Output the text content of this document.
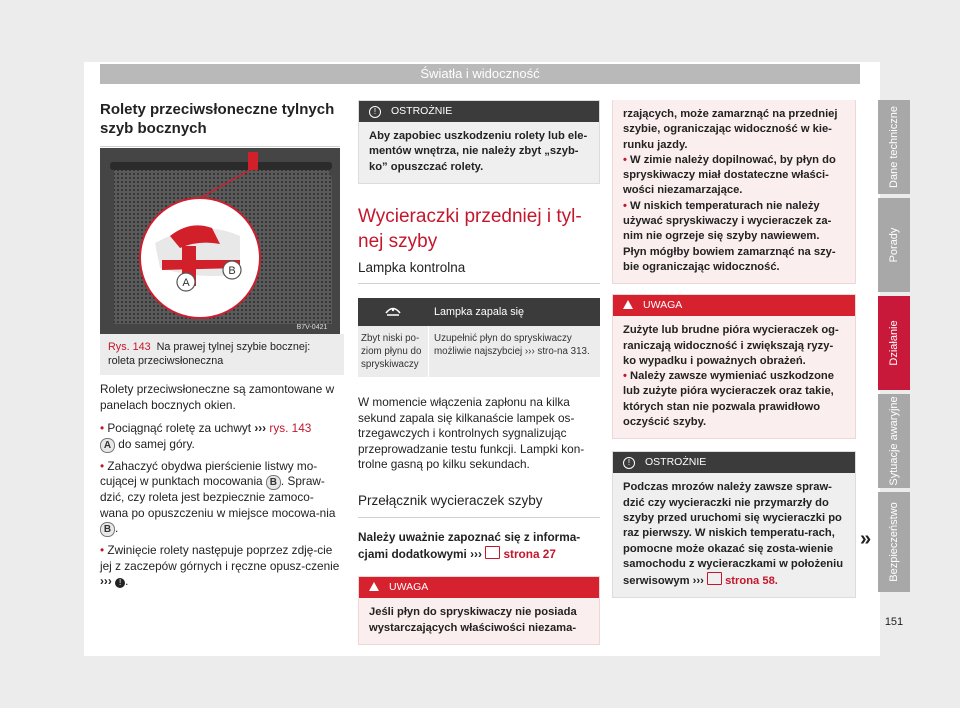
Światła i widoczność
Rolety przeciwsłoneczne tylnych szyb bocznych
A
B
B7V-0421
Rys. 143 Na prawej tylnej szybie bocznej: roleta przeciwsłoneczna

Rolety przeciwsłoneczne są zamontowane w panelach bocznych okien.

• Pociągnąć roletę za uchwyt ››› rys. 143
A do samej góry.
• Zahaczyć obydwa pierścienie listwy mo-cującej w punktach mocowania B . Spraw-dzić, czy roleta jest bezpiecznie zamoco-wana po opuszczeniu w miejsce mocowa-nia B .
• Zwinięcie rolety następuje poprzez zdję-cie jej z zaczepów górnych i ręczne opusz-czenie ››› ! .
! OSTROŻNIE
Aby zapobiec uszkodzeniu rolety lub ele-mentów wnętrza, nie należy zbyt „szyb-ko” opuszczać rolety.
Wycieraczki przedniej i tyl-nej szyby
Lampka kontrolna
Lampka zapala się
Zbyt niski po-ziom płynu do spryskiwaczy
Uzupełnić płyn do spryskiwaczy możliwie najszybciej ››› stro-na 313.

W momencie włączenia zapłonu na kilka sekund zapala się kilkanaście lampek os-trzegawczych i kontrolnych sygnalizując przeprowadzanie testu funkcji. Lampki kon-trolne gasną po kilku sekundach.

Przełącznik wycieraczek szyby
Należy uważnie zapoznać się z informa-cjami dodatkowymi ››› strona 27
UWAGA
Jeśli płyn do spryskiwaczy nie posiada wystarczających właściwości niezama-
rzających, może zamarznąć na przedniej szybie, ograniczając widoczność w kie-runku jazdy.
• W zimie należy dopilnować, by płyn do spryskiwaczy miał dostateczne właści-wości niezamarzające.
• W niskich temperaturach nie należy używać spryskiwaczy i wycieraczek za-nim nie ogrzeje się szyby nawiewem. Płyn mógłby bowiem zamarznąć na szy-bie ograniczając widoczność.
UWAGA
Zużyte lub brudne pióra wycieraczek og-raniczają widoczność i zwiększają ryzy-ko wypadku i poważnych obrażeń.
• Należy zawsze wymieniać uszkodzone lub zużyte pióra wycieraczek oraz takie, których stan nie pozwala prawidłowo oczyścić szyby.
! OSTROŻNIE
Podczas mrozów należy zawsze spraw-dzić czy wycieraczki nie przymarzły do szyby przed uruchomi się wycieraczki po raz pierwszy. W niskich temperatu-rach, pomocne może okazać się zosta-wienie samochodu z wycieraczkami w położeniu serwisowym ››› strona 58.
»
Dane techniczne
Porady
Działanie
Sytuacje awaryjne
Bezpieczeństwo
151
